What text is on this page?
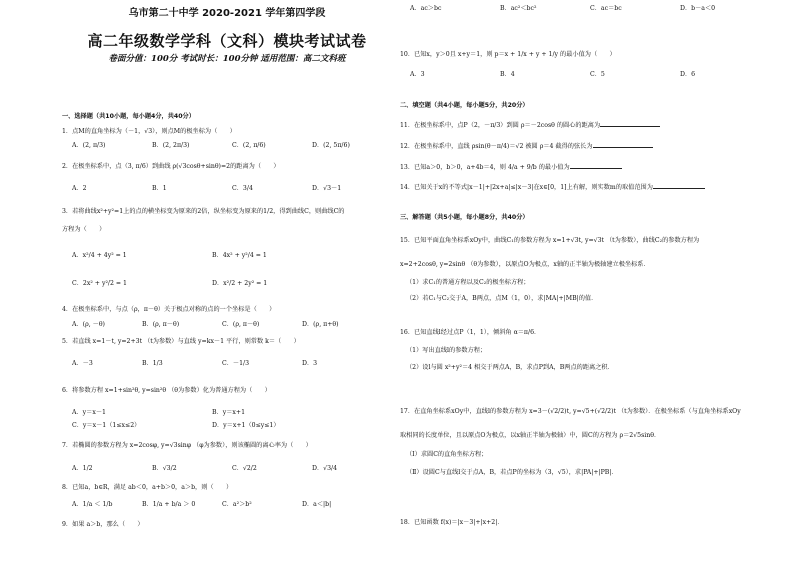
乌市第二十中学 2020-2021 学年第四学段
高二年级数学学科（文科）模块考试试卷
卷面分值：100分 考试时长：100分钟 适用范围：高二文科班
一、选择题（共10小题，每小题4分，共40分）
1．点M的直角坐标为（－1，√3），则点M的极坐标为（　　）
A．(2, π/3)	B．(2, 2π/3)	C．(2, π/6)	D．(2, 5π/6)
2．在极坐标系中，点（3, π/6）到曲线 ρ(√3cosθ+sinθ)=2的距离为（　　）
A．2	B．1	C．3/4	D．√3－1
3．若将曲线x²+y²=1上的点的横坐标变为原来的2倍，纵坐标变为原来的1/2，得到曲线C，则曲线C的
方程为（　　）
A．x²/4 + 4y² = 1	B．4x² + y²/4 = 1
C．2x² + y²/2 = 1	D．x²/2 + 2y² = 1
4．在极坐标系中，与点（ρ，π－θ）关于极点对称的点的一个坐标是（　　）
A．(ρ, －θ)	B．(ρ, π－θ)	C．(ρ, π－θ)	D．(ρ, π+θ)
5．若直线 x=1－t, y=2+3t （t为参数）与直线 y=kx－1 平行，则常数 k＝（　　）
A．－3	B．1/3	C．－1/3	D．3
6．将参数方程 x=1+sin²θ, y=sin²θ （θ为参数）化为普通方程为（　　）
A．y＝x－1	B．y＝x+1
C．y＝x－1（1≤x≤2）	D．y＝x+1（0≤y≤1）
7．若椭圆的参数方程为 x=2cosφ, y=√3sinφ （φ为参数），则该椭圆的离心率为（　　）
A．1/2	B．√3/2	C．√2/2	D．√3/4
8．已知a，b∈R，满足 ab＜0，a+b＞0，a＞b，则（　　）
A．1/a ＜ 1/b	B．1/a + b/a ＞ 0	C．a²＞b²	D．a＜|b|
9．如果 a＞b，那么（　　）
A．ac＞bc	B．ac²＜bc²	C．ac＝bc	D．b－a＜0
10．已知x，y＞0且 x+y＝1，则 p＝x + 1/x + y + 1/y 的最小值为（　　）
A．3	B．4	C．5	D．6
二、填空题（共4小题，每小题5分，共20分）
11．在极坐标系中，点P（2，－π/3）到圆 ρ＝－2cosθ 的圆心的距离为
12．在极坐标系中，直线 ρsin(θ－π/4)＝√2 被圆 ρ＝4 截得的弦长为
13．已知a＞0，b＞0，a+4b＝4，则 4/a + 9/b 的最小值为
14．已知关于x的不等式|x－1|+|2x+a|≤|x－3|在x∈[0，1]上有解，则实数m的取值范围为
三、解答题（共5小题，每小题8分，共40分）
15．已知平面直角坐标系xOy中，曲线C₁的参数方程为 x=1+√3t, y=√3t （t为参数），曲线C₂的参数方程为
x=2+2cosθ, y=2sinθ （θ为参数），以原点O为极点，x轴的正半轴为极轴建立极坐标系．
（1）求C₁的普通方程以及C₂的极坐标方程；
（2）若C₁与C₂交于A，B两点，点M（1，0），求|MA|+|MB|的值．
16．已知直线l经过点P（1，1），倾斜角 α＝π/6．
（1）写出直线l的参数方程；
（2）设l与圆 x²+y²＝4 相交于两点A，B，求点P到A，B两点的距离之积．
17．在直角坐标系xOy中，直线l的参数方程为 x=3－(√2/2)t, y=√5+(√2/2)t （t为参数）．在极坐标系（与直角坐标系xOy
取相同的长度单位，且以原点O为极点，以x轴正半轴为极轴）中，圆C的方程为 ρ＝2√5sinθ．
（Ⅰ）求圆C的直角坐标方程；
（Ⅱ）设圆C与直线l交于点A，B，若点P的坐标为（3，√5），求|PA|+|PB|．
18．已知函数 f(x)＝|x－3|+|x+2|．
